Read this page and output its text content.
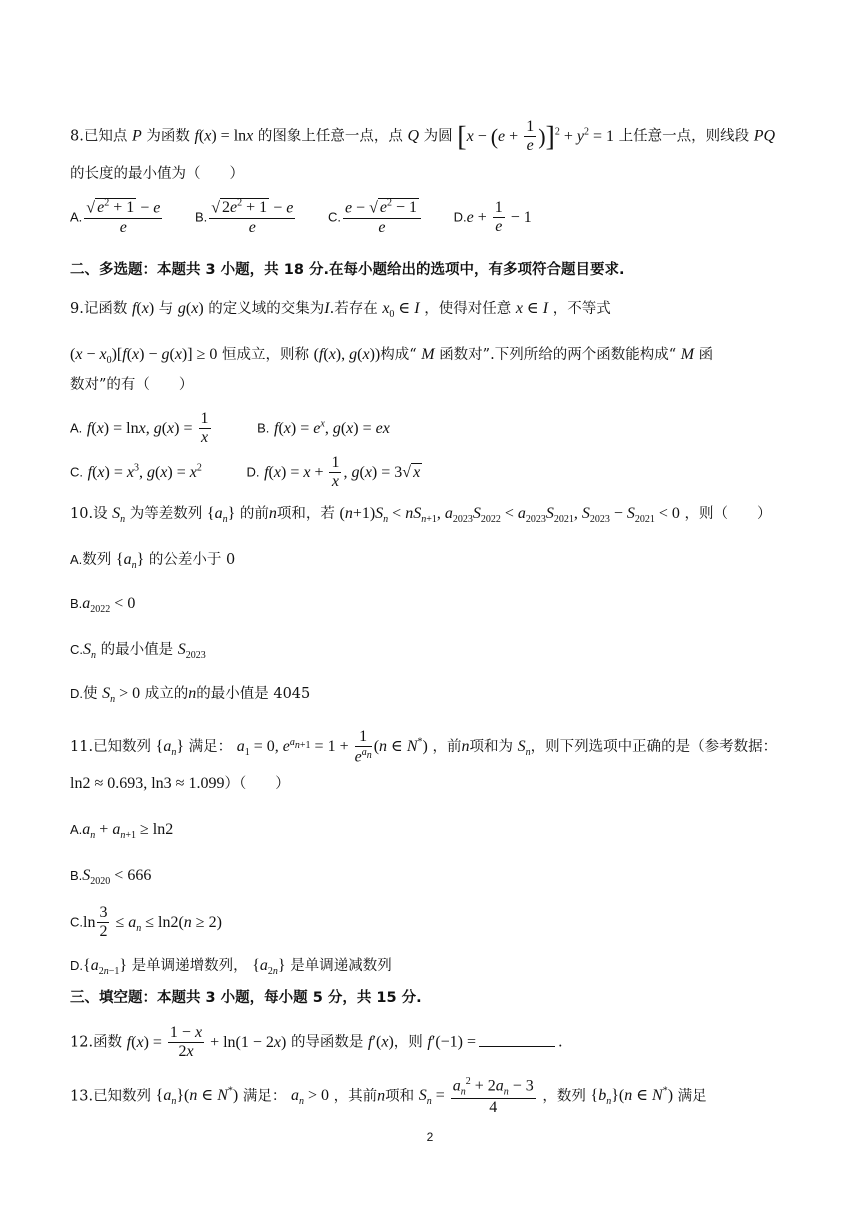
8.已知点 P 为函数 f(x) = lnx 的图象上任意一点，点 Q 为圆 $[x - (e + \frac{1}{e} )]^2 + y^2 = 1$ 上任意一点，则线段 PQ
的长度的最小值为（　　）
A. $\frac{√ e^2 + 1 - e}{e}$	B. $\frac{√ 2e^2 + 1 - e}{e}$	C. $\frac{e - √ e^2 - 1}{e}$	$D.e + \frac{1}{e} - 1$
二、多选题：本题共 3 小题，共 18 分.在每小题给出的选项中，有多项符合题目要求.
9.记函数 f(x) 与 g(x) 的定义域的交集为I.若存在 $x_0$ ∈ I ，使得对任意 x ∈ I ，不等式
$(x - x_0)[f(x) - g(x)] \ge 0$ 恒成立，则称 (f(x), g(x))构成“ M 函数对”.下列所给的两个函数能构成“ M 函
数对”的有（　　）
A. f(x) = lnx, $g(x) = \frac{1}{x}$	B. $f(x) = e^x$, g(x) = ex
C. $f(x) = x^3$, $g(x) = x^2$	D. $f(x) = x + \frac{1}{x}$ , g(x) = 3√ x
10.设 $S_n$ 为等差数列 $\{a_n\}$ 的前n项和，若 $(n+1)S_n < nS_{n+1}$, $a_{2023}S_{2022} < a_{2023}S_{2021}$, $S_{2023} - S_{2021} < 0$ ，则（　　）
A.数列 $\{a_n\}$ 的公差小于 0
$B.a_{2022} < 0$
$C.S_n$ 的最小值是 $S_{2023}$
D.使 $S_n > 0$ 成立的n的最小值是 4045
11.已知数列 $\{a_n\}$ 满足： $a_1 = 0$, $e^{a_{n+1}} = 1 + \frac{1}{e^{a_n}} (n$ ∈ N*) ，前n项和为 $S_n$，则下列选项中正确的是（参考数据：
ln2 ≈ 0.693, ln3 ≈ 1.099）（　　）
$A.a_n + a_{n+1} \ge \ln 2$
$B.S_{2020} < 666$
$C.\ln \frac{3}{2} \le a_n \le \ln 2(n \ge 2)$
$D.\{a_{2n-1}\}$ 是单调递增数列， $\{a_{2n}\}$ 是单调递减数列
三、填空题：本题共 3 小题，每小题 5 分，共 15 分.
12.函数 $f(x) = \frac{1 - x}{2x} + \ln(1 - 2x)$ 的导函数是 f′(x)，则 f′(−1) =	.
13.已知数列 $\{a_n\}(n$ ∈ N*) 满足： $a_n > 0$ ，其前n项和 $S_n = \frac{a_n^2 + 2a_n - 3}{4}$ ，数列 $\{b_n\}(n$ ∈ N*) 满足
2
